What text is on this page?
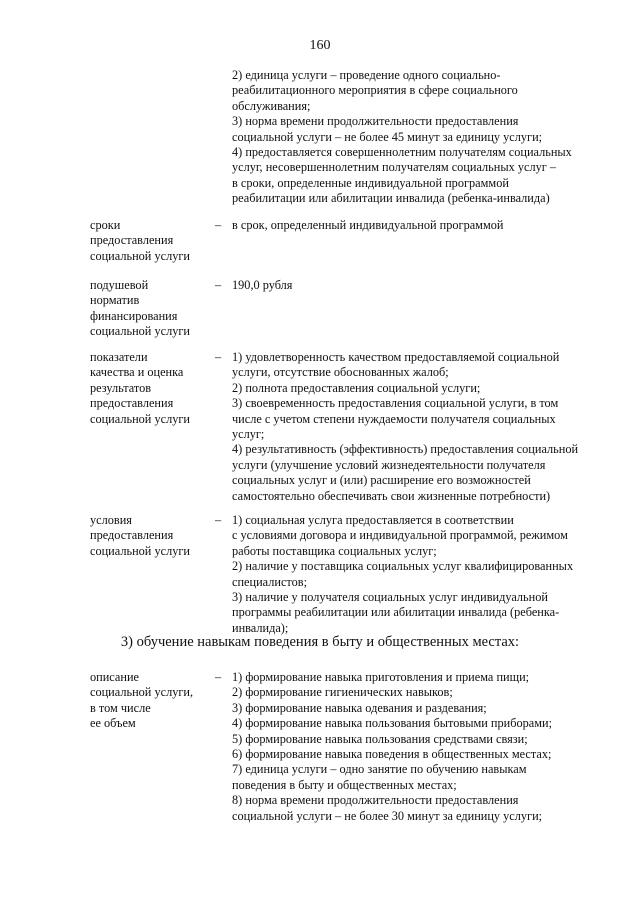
160
2) единица услуги – проведение одного социально-
реабилитационного мероприятия в сфере социального
обслуживания;
3) норма времени продолжительности предоставления
социальной услуги – не более 45 минут за единицу услуги;
4) предоставляется совершеннолетним получателям социальных
услуг, несовершеннолетним получателям социальных услуг –
в сроки, определенные индивидуальной программой
реабилитации или абилитации инвалида (ребенка-инвалида)
сроки
предоставления
социальной услуги
– в срок, определенный индивидуальной программой
подушевой
норматив
финансирования
социальной услуги
– 190,0 рубля
показатели
качества и оценка
результатов
предоставления
социальной услуги
– 1) удовлетворенность качеством предоставляемой социальной
услуги, отсутствие обоснованных жалоб;
2) полнота предоставления социальной услуги;
3) своевременность предоставления социальной услуги, в том
числе с учетом степени нуждаемости получателя социальных
услуг;
4) результативность (эффективность) предоставления социальной
услуги (улучшение условий жизнедеятельности получателя
социальных услуг и (или) расширение его возможностей
самостоятельно обеспечивать свои жизненные потребности)
условия
предоставления
социальной услуги
– 1) социальная услуга предоставляется в соответствии
с условиями договора и индивидуальной программой, режимом
работы поставщика социальных услуг;
2) наличие у поставщика социальных услуг квалифицированных
специалистов;
3) наличие у получателя социальных услуг индивидуальной
программы реабилитации или абилитации инвалида (ребенка-
инвалида);
3) обучение навыкам поведения в быту и общественных местах:
описание
социальной услуги,
в том числе
ее объем
– 1) формирование навыка приготовления и приема пищи;
2) формирование гигиенических навыков;
3) формирование навыка одевания и раздевания;
4) формирование навыка пользования бытовыми приборами;
5) формирование навыка пользования средствами связи;
6) формирование навыка поведения в общественных местах;
7) единица услуги – одно занятие по обучению навыкам
поведения в быту и общественных местах;
8) норма времени продолжительности предоставления
социальной услуги – не более 30 минут за единицу услуги;
